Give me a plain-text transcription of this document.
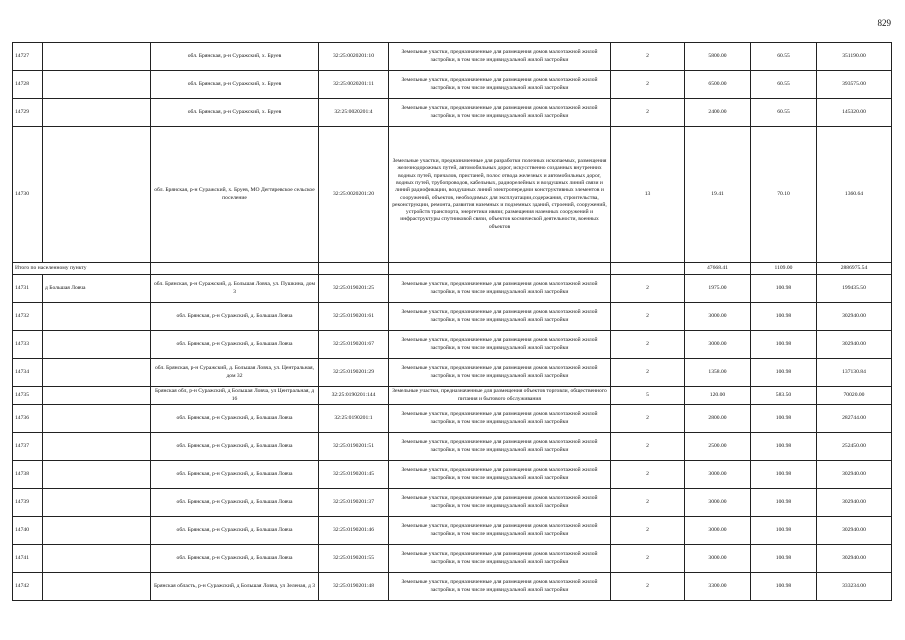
829
14727		обл. Брянская, р-н Суражский, х. Бруев	32:25:0020201:10	Земельные участки, предназначенные для размещения домов малоэтажной жилой застройки, в том числе индивидуальной жилой застройки	2	5800.00	60.55	351190.00
14728		обл. Брянская, р-н Суражский, х. Бруев	32:25:0020201:11	Земельные участки, предназначенные для размещения домов малоэтажной жилой застройки, в том числе индивидуальной жилой застройки	2	6500.00	60.55	393575.00
14729		обл. Брянская, р-н Суражский, х. Бруев	32:25:0020201:4	Земельные участки, предназначенные для размещения домов малоэтажной жилой застройки, в том числе индивидуальной жилой застройки	2	2400.00	60.55	145320.00
14730		обл. Брянская, р-н Суражский, х. Бруев, МО Дегтяревское сельское поселение	32:25:0020201:20	Земельные участки, предназначенные для разработки полезных ископаемых, размещения железнодорожных путей, автомобильных дорог, искусственно созданных внутренних водных путей, причалов, пристаней, полос отвода железных и автомобильных дорог, водных путей, трубопроводов, кабельных, радиорелейных и воздушных линий связи и линий радиофикации, воздушных линий электропередачи конструктивных элементов и сооружений, объектов, необходимых для эксплуатации,содержания, строительства, реконструкции, ремонта, развития наземных и подземных зданий, строений, сооружений, устройств транспорта, энергетики ивязи; размещения наземных сооружений и инфраструктуры спутниковой связи, объектов космической деятельности, военных объектов	13	19.41	70.10	1360.64
Итого по населенному пункту						47668.41	1109.00	2886975.54
14731	д Большая Ловча	обл. Брянская, р-н Суражский, д. Большая Ловча, ул. Пушкина, дом 3	32:25:0190201:25	Земельные участки, предназначенные для размещения домов малоэтажной жилой застройки, в том числе индивидуальной жилой застройки	2	1975.00	100.98	199435.50
14732		обл. Брянская, р-н Суражский, д. Большая Ловча	32:25:0190201:61	Земельные участки, предназначенные для размещения домов малоэтажной жилой застройки, в том числе индивидуальной жилой застройки	2	3000.00	100.98	302940.00
14733		обл. Брянская, р-н Суражский, д. Большая Ловча	32:25:0190201:67	Земельные участки, предназначенные для размещения домов малоэтажной жилой застройки, в том числе индивидуальной жилой застройки	2	3000.00	100.98	302940.00
14734		обл. Брянская, р-н Суражский, д. Большая Ловча, ул. Центральная, дом 32	32:25:0190201:29	Земельные участки, предназначенные для размещения домов малоэтажной жилой застройки, в том числе индивидуальной жилой застройки	2	1358.00	100.98	137130.84
14735		Брянская обл, р-н Суражский, д Большая Ловча, ул Центральная, д 16	32:25:0190201:144	Земельные участки, предназначенные для размещения объектов торговли, общественного питания и бытового обслуживания	5	120.00	583.50	70020.00
14736		обл. Брянская, р-н Суражский, д. Большая Ловча	32:25:0190201:1	Земельные участки, предназначенные для размещения домов малоэтажной жилой застройки, в том числе индивидуальной жилой застройки	2	2800.00	100.98	282744.00
14737		обл. Брянская, р-н Суражский, д. Большая Ловча	32:25:0190201:51	Земельные участки, предназначенные для размещения домов малоэтажной жилой застройки, в том числе индивидуальной жилой застройки	2	2500.00	100.98	252450.00
14738		обл. Брянская, р-н Суражский, д. Большая Ловча	32:25:0190201:45	Земельные участки, предназначенные для размещения домов малоэтажной жилой застройки, в том числе индивидуальной жилой застройки	2	3000.00	100.98	302940.00
14739		обл. Брянская, р-н Суражский, д. Большая Ловча	32:25:0190201:37	Земельные участки, предназначенные для размещения домов малоэтажной жилой застройки, в том числе индивидуальной жилой застройки	2	3000.00	100.98	302940.00
14740		обл. Брянская, р-н Суражский, д. Большая Ловча	32:25:0190201:46	Земельные участки, предназначенные для размещения домов малоэтажной жилой застройки, в том числе индивидуальной жилой застройки	2	3000.00	100.98	302940.00
14741		обл. Брянская, р-н Суражский, д. Большая Ловча	32:25:0190201:55	Земельные участки, предназначенные для размещения домов малоэтажной жилой застройки, в том числе индивидуальной жилой застройки	2	3000.00	100.98	302940.00
14742		Брянская область, р-н Суражский, д Большая Ловча, ул Зеленая, д 3	32:25:0190201:48	Земельные участки, предназначенные для размещения домов малоэтажной жилой застройки, в том числе индивидуальной жилой застройки	2	3300.00	100.98	333234.00
